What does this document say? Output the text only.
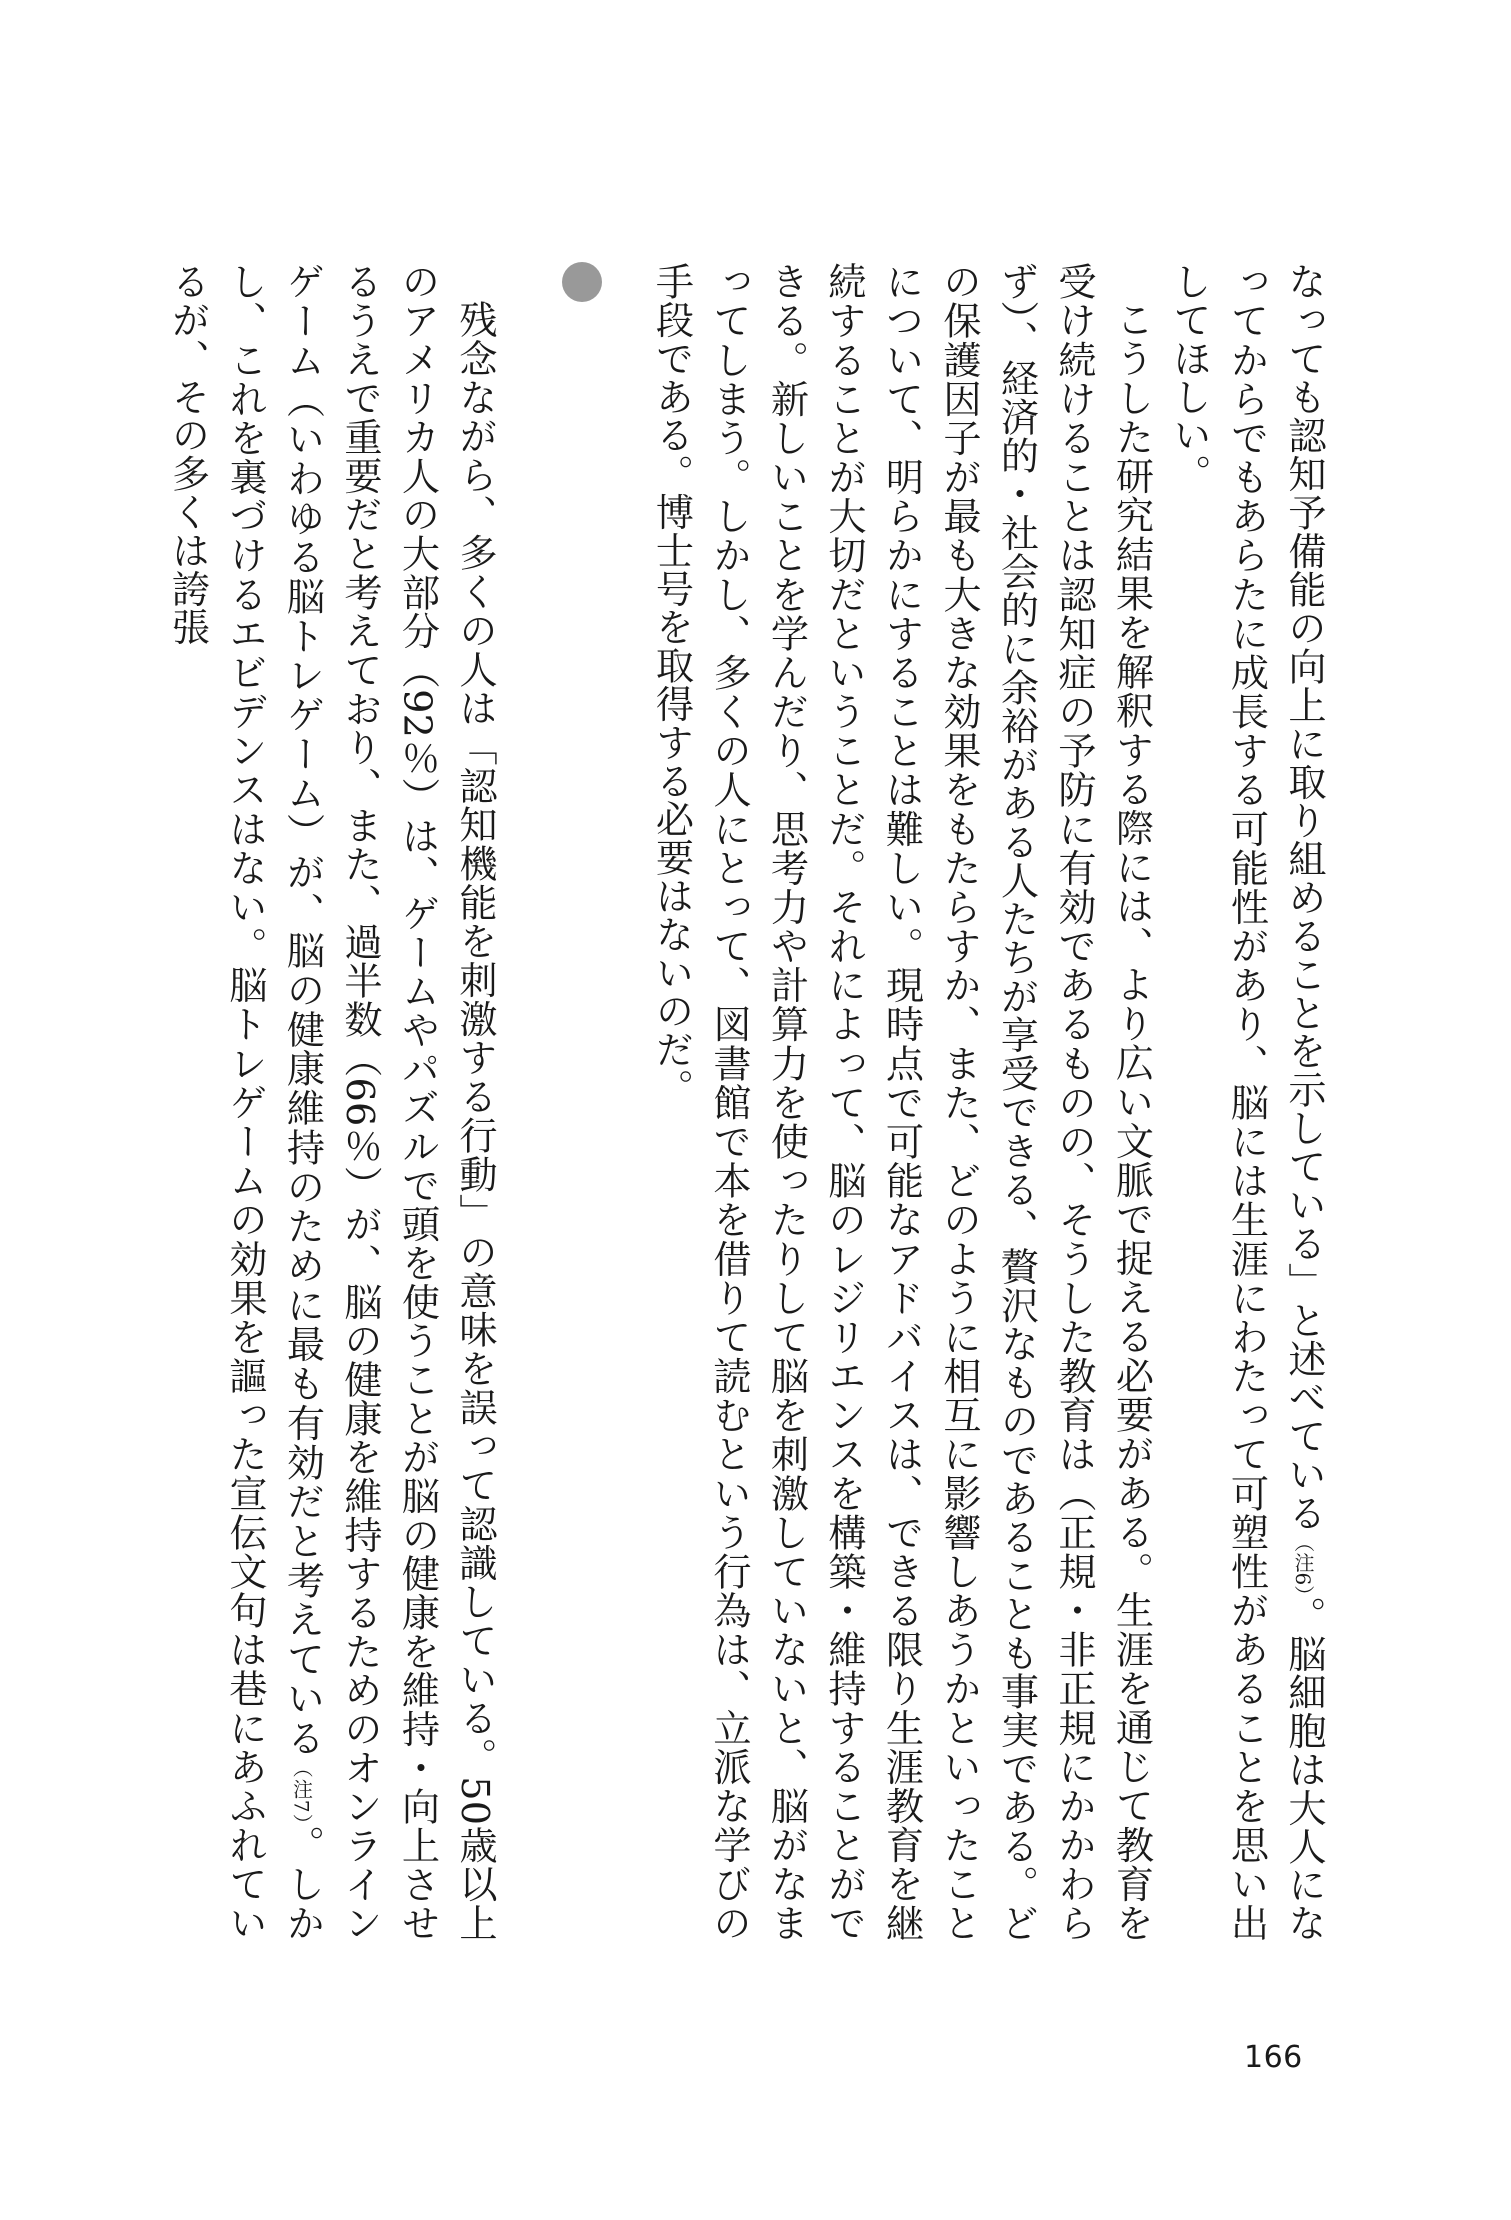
なっても認知予備能の向上に取り組めることを示している」と述べている（注6）。脳細胞は大人になってからでもあらたに成長する可能性があり、脳には生涯にわたって可塑性があることを思い出してほしい。

こうした研究結果を解釈する際には、より広い文脈で捉える必要がある。生涯を通じて教育を受け続けることは認知症の予防に有効であるものの、そうした教育は（正規・非正規にかかわらず）、経済的・社会的に余裕がある人たちが享受できる、贅沢なものであることも事実である。どの保護因子が最も大きな効果をもたらすか、また、どのように相互に影響しあうかといったことについて、明らかにすることは難しい。現時点で可能なアドバイスは、できる限り生涯教育を継続することが大切だということだ。それによって、脳のレジリエンスを構築・維持することができる。新しいことを学んだり、思考力や計算力を使ったりして脳を刺激していないと、脳がなまってしまう。しかし、多くの人にとって、図書館で本を借りて読むという行為は、立派な学びの手段である。博士号を取得する必要はないのだ。

残念ながら、多くの人は「認知機能を刺激する行動」の意味を誤って認識している。50歳以上のアメリカ人の大部分（92％）は、ゲームやパズルで頭を使うことが脳の健康を維持・向上させるうえで重要だと考えており、また、過半数（66％）が、脳の健康を維持するためのオンラインゲーム（いわゆる脳トレゲーム）が、脳の健康維持のために最も有効だと考えている（注7）。しかし、これを裏づけるエビデンスはない。脳トレゲームの効果を謳った宣伝文句は巷にあふれているが、その多くは誇張

166
